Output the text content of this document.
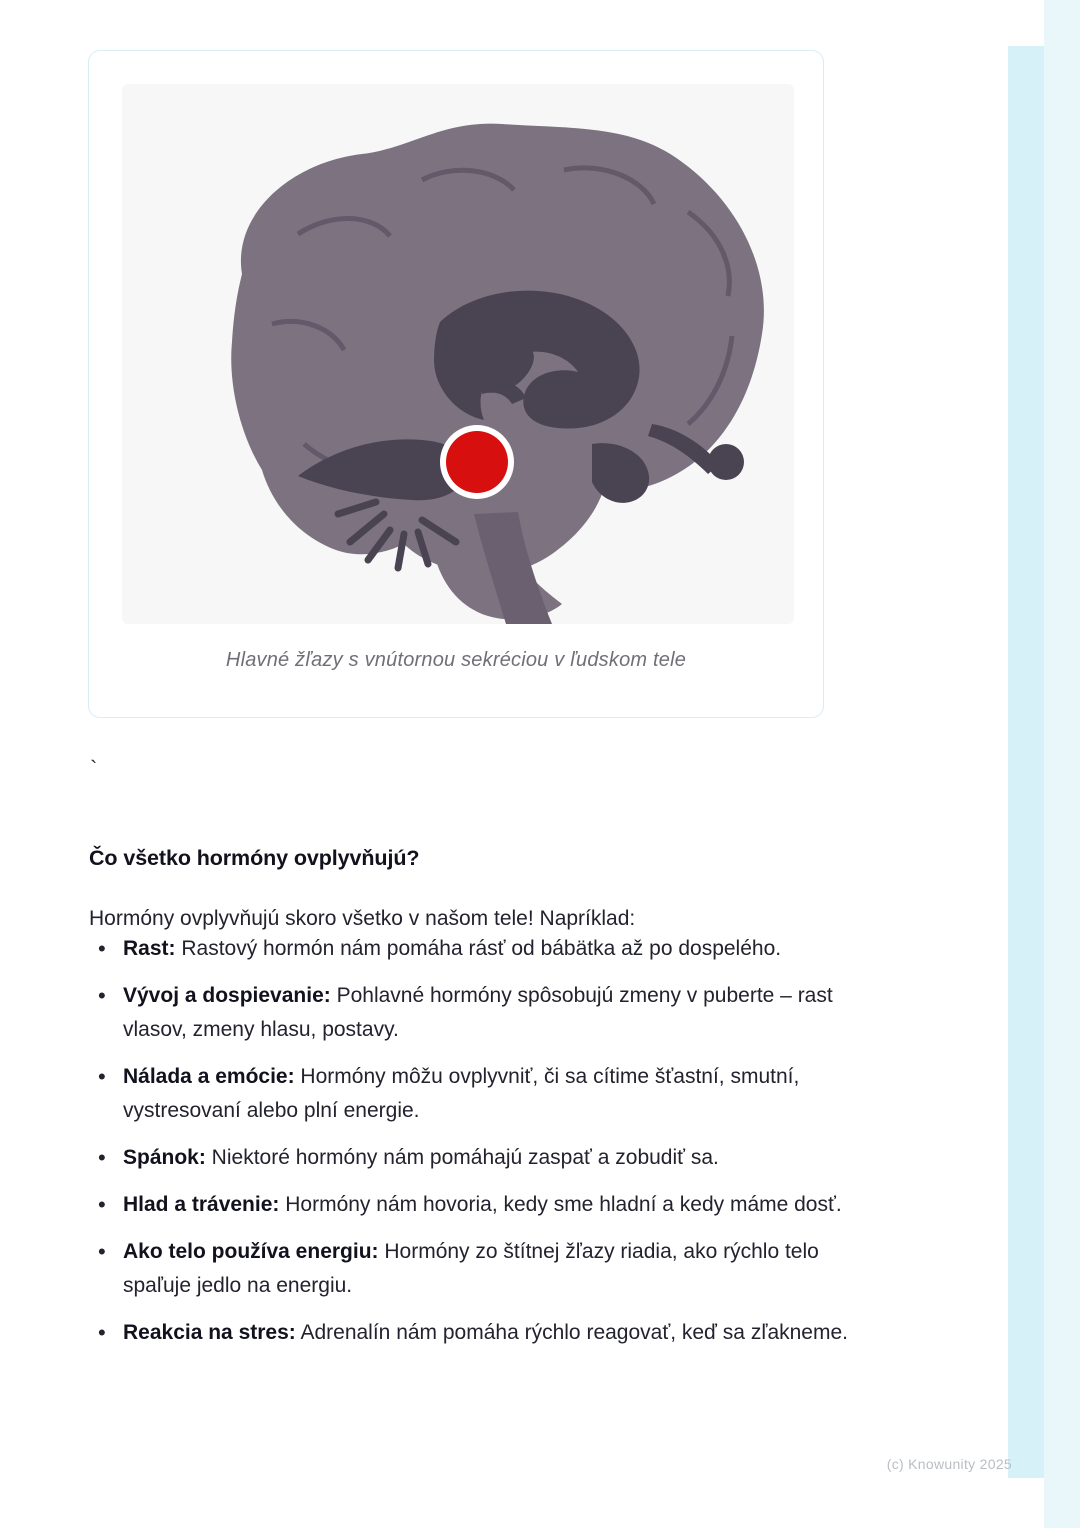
Hlavné žľazy s vnútornou sekréciou v ľudskom tele
`
Čo všetko hormóny ovplyvňujú?

Hormóny ovplyvňujú skoro všetko v našom tele! Napríklad:

• Rast: Rastový hormón nám pomáha rásť od bábätka až po dospelého.
• Vývoj a dospievanie: Pohlavné hormóny spôsobujú zmeny v puberte – rast vlasov, zmeny hlasu, postavy.
• Nálada a emócie: Hormóny môžu ovplyvniť, či sa cítime šťastní, smutní, vystresovaní alebo plní energie.
• Spánok: Niektoré hormóny nám pomáhajú zaspať a zobudiť sa.
• Hlad a trávenie: Hormóny nám hovoria, kedy sme hladní a kedy máme dosť.
• Ako telo používa energiu: Hormóny zo štítnej žľazy riadia, ako rýchlo telo spaľuje jedlo na energiu.
• Reakcia na stres: Adrenalín nám pomáha rýchlo reagovať, keď sa zľakneme.
(c) Knowunity 2025
